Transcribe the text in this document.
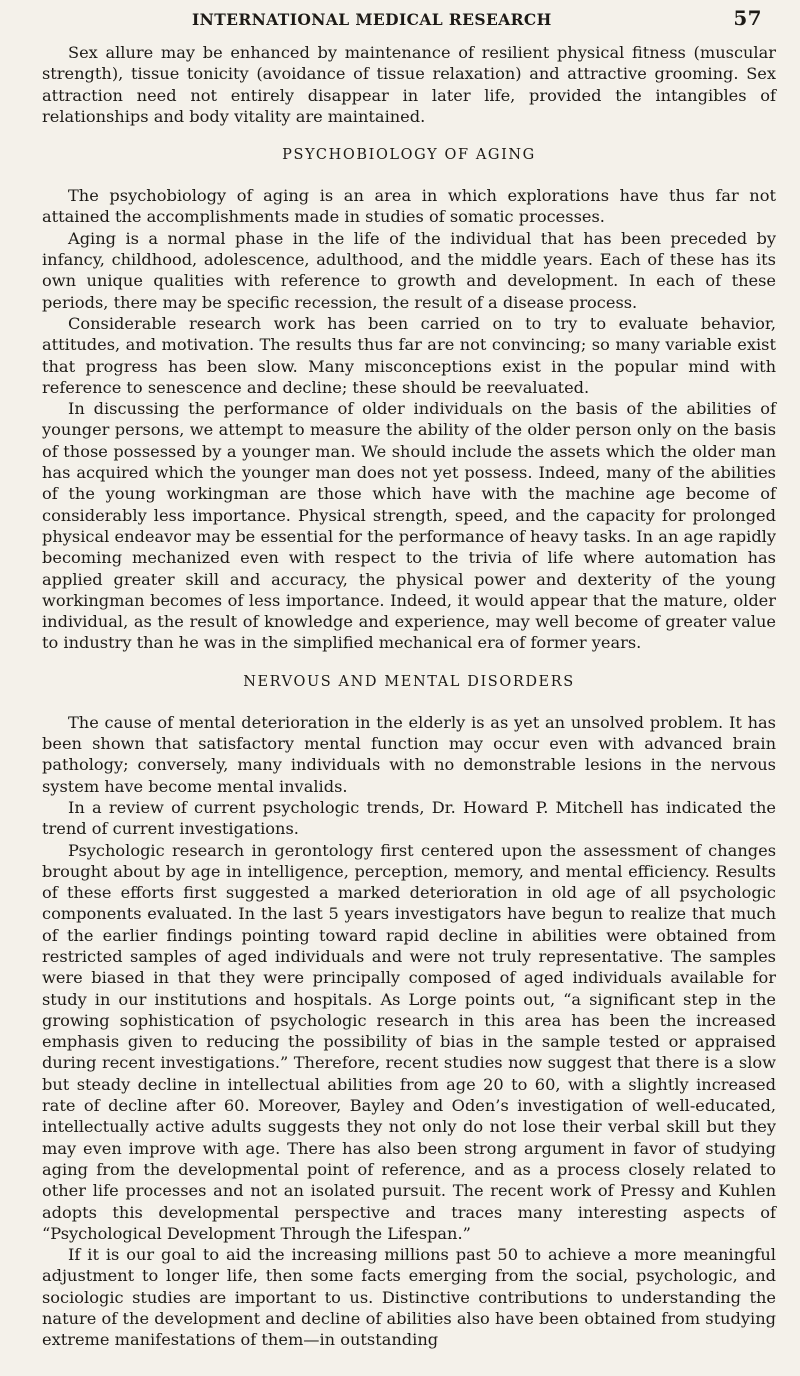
INTERNATIONAL MEDICAL RESEARCH	57

Sex allure may be enhanced by maintenance of resilient physical fitness (muscular strength), tissue tonicity (avoidance of tissue relaxation) and attractive grooming. Sex attraction need not entirely disappear in later life, provided the intangibles of relationships and body vitality are maintained.

PSYCHOBIOLOGY OF AGING

The psychobiology of aging is an area in which explorations have thus far not attained the accomplishments made in studies of somatic processes.

Aging is a normal phase in the life of the individual that has been preceded by infancy, childhood, adolescence, adulthood, and the middle years. Each of these has its own unique qualities with reference to growth and development. In each of these periods, there may be specific recession, the result of a disease process.

Considerable research work has been carried on to try to evaluate behavior, attitudes, and motivation. The results thus far are not convincing; so many variable exist that progress has been slow. Many misconceptions exist in the popular mind with reference to senescence and decline; these should be reevaluated.

In discussing the performance of older individuals on the basis of the abilities of younger persons, we attempt to measure the ability of the older person only on the basis of those possessed by a younger man. We should include the assets which the older man has acquired which the younger man does not yet possess. Indeed, many of the abilities of the young workingman are those which have with the machine age become of considerably less importance. Physical strength, speed, and the capacity for prolonged physical endeavor may be essential for the performance of heavy tasks. In an age rapidly becoming mechanized even with respect to the trivia of life where automation has applied greater skill and accuracy, the physical power and dexterity of the young workingman becomes of less importance. Indeed, it would appear that the mature, older individual, as the result of knowledge and experience, may well become of greater value to industry than he was in the simplified mechanical era of former years.

NERVOUS AND MENTAL DISORDERS

The cause of mental deterioration in the elderly is as yet an unsolved problem. It has been shown that satisfactory mental function may occur even with advanced brain pathology; conversely, many individuals with no demonstrable lesions in the nervous system have become mental invalids.

In a review of current psychologic trends, Dr. Howard P. Mitchell has indicated the trend of current investigations.

Psychologic research in gerontology first centered upon the assessment of changes brought about by age in intelligence, perception, memory, and mental efficiency. Results of these efforts first suggested a marked deterioration in old age of all psychologic components evaluated. In the last 5 years investigators have begun to realize that much of the earlier findings pointing toward rapid decline in abilities were obtained from restricted samples of aged individuals and were not truly representative. The samples were biased in that they were principally composed of aged individuals available for study in our institutions and hospitals. As Lorge points out, “a significant step in the growing sophistication of psychologic research in this area has been the increased emphasis given to reducing the possibility of bias in the sample tested or appraised during recent investigations.” Therefore, recent studies now suggest that there is a slow but steady decline in intellectual abilities from age 20 to 60, with a slightly increased rate of decline after 60. Moreover, Bayley and Oden’s investigation of well-educated, intellectually active adults suggests they not only do not lose their verbal skill but they may even improve with age. There has also been strong argument in favor of studying aging from the developmental point of reference, and as a process closely related to other life processes and not an isolated pursuit. The recent work of Pressy and Kuhlen adopts this developmental perspective and traces many interesting aspects of “Psychological Development Through the Lifespan.”

If it is our goal to aid the increasing millions past 50 to achieve a more meaningful adjustment to longer life, then some facts emerging from the social, psychologic, and sociologic studies are important to us. Distinctive contributions to understanding the nature of the development and decline of abilities also have been obtained from studying extreme manifestations of them—in outstanding
